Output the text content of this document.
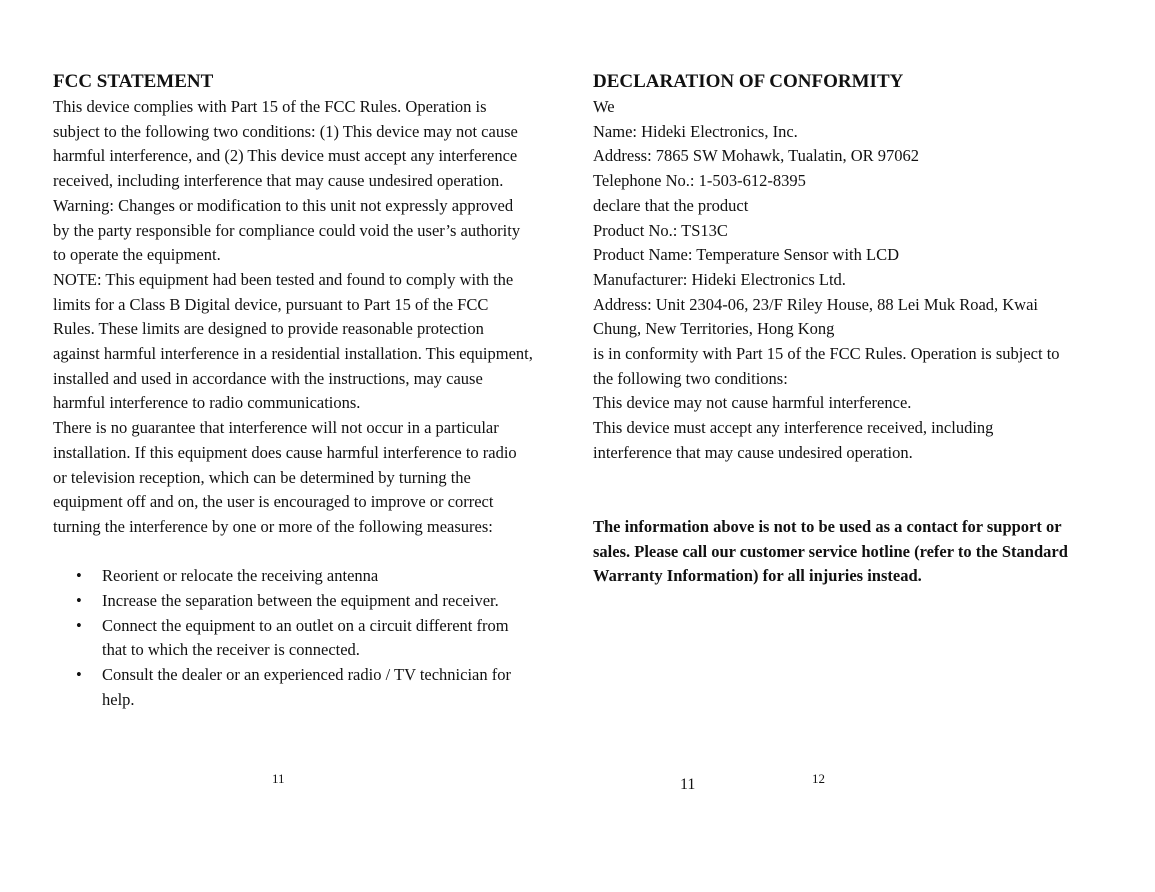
FCC STATEMENT
This device complies with Part 15 of the FCC Rules. Operation is
subject to the following two conditions: (1) This device may not cause
harmful interference, and (2) This device must accept any interference
received, including interference that may cause undesired operation.
Warning: Changes or modification to this unit not expressly approved
by the party responsible for compliance could void the user’s authority
to operate the equipment.
NOTE: This equipment had been tested and found to comply with the
limits for a Class B Digital device, pursuant to Part 15 of the FCC
Rules. These limits are designed to provide reasonable protection
against harmful interference in a residential installation. This equipment,
installed and used in accordance with the instructions, may cause
harmful interference to radio communications.
There is no guarantee that interference will not occur in a particular
installation. If this equipment does cause harmful interference to radio
or television reception, which can be determined by turning the
equipment off and on, the user is encouraged to improve or correct
turning the interference by one or more of the following measures:
• Reorient or relocate the receiving antenna
• Increase the separation between the equipment and receiver.
• Connect the equipment to an outlet on a circuit different from
that to which the receiver is connected.
• Consult the dealer or an experienced radio / TV technician for
help.
DECLARATION OF CONFORMITY
We
Name: Hideki Electronics, Inc.
Address: 7865 SW Mohawk, Tualatin, OR 97062
Telephone No.: 1-503-612-8395
declare that the product
Product No.: TS13C
Product Name: Temperature Sensor with LCD
Manufacturer: Hideki Electronics Ltd.
Address: Unit 2304-06, 23/F Riley House, 88 Lei Muk Road, Kwai
Chung, New Territories, Hong Kong
is in conformity with Part 15 of the FCC Rules. Operation is subject to
the following two conditions:
This device may not cause harmful interference.
This device must accept any interference received, including
interference that may cause undesired operation.
The information above is not to be used as a contact for support or
sales. Please call our customer service hotline (refer to the Standard
Warranty Information) for all injuries instead.
11	11	12
